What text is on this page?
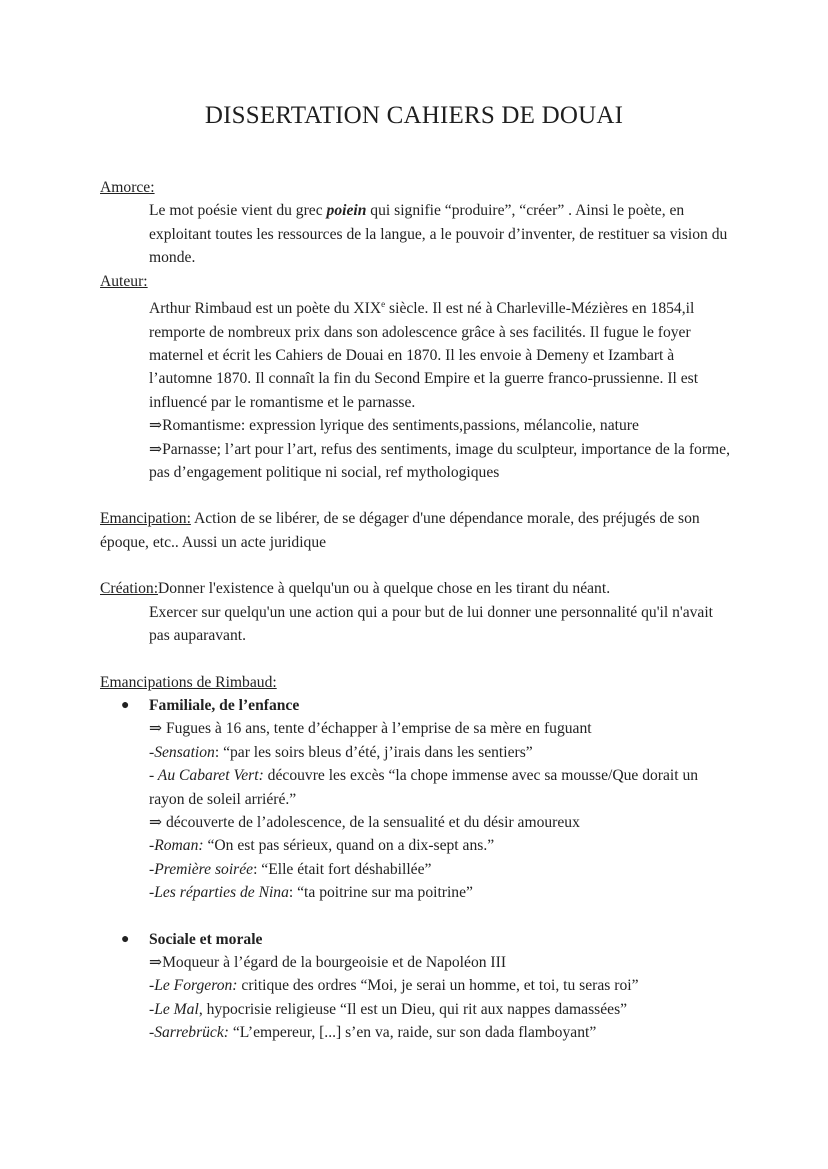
DISSERTATION CAHIERS DE DOUAI
Amorce:
Le mot poésie vient du grec poiein qui signifie “produire”, “créer” . Ainsi le poète, en exploitant toutes les ressources de la langue, a le pouvoir d’inventer, de restituer sa vision du monde.
Auteur:
Arthur Rimbaud est un poète du XIXe siècle. Il est né à Charleville-Mézières en 1854,il remporte de nombreux prix dans son adolescence grâce à ses facilités. Il fugue le foyer maternel et écrit les Cahiers de Douai en 1870. Il les envoie à Demeny et Izambart à l’automne 1870. Il connaît la fin du Second Empire et la guerre franco-prussienne. Il est influencé par le romantisme et le parnasse.
⇒Romantisme: expression lyrique des sentiments,passions, mélancolie, nature
⇒Parnasse; l’art pour l’art, refus des sentiments, image du sculpteur, importance de la forme, pas d’engagement politique ni social, ref mythologiques
Emancipation: Action de se libérer, de se dégager d'une dépendance morale, des préjugés de son époque, etc.. Aussi un acte juridique
Création:Donner l'existence à quelqu'un ou à quelque chose en les tirant du néant.
Exercer sur quelqu'un une action qui a pour but de lui donner une personnalité qu'il n'avait pas auparavant.
Emancipations de Rimbaud:
●	Familiale, de l’enfance
⇒ Fugues à 16 ans, tente d’échapper à l’emprise de sa mère en fuguant
-Sensation: “par les soirs bleus d’été, j’irais dans les sentiers”
- Au Cabaret Vert: découvre les excès “la chope immense avec sa mousse/Que dorait un rayon de soleil arriéré.”
⇒ découverte de l’adolescence, de la sensualité et du désir amoureux
-Roman: “On est pas sérieux, quand on a dix-sept ans.”
-Première soirée: “Elle était fort déshabillée”
-Les réparties de Nina: “ta poitrine sur ma poitrine”
●	Sociale et morale
⇒Moqueur à l’égard de la bourgeoisie et de Napoléon III
-Le Forgeron: critique des ordres “Moi, je serai un homme, et toi, tu seras roi”
-Le Mal, hypocrisie religieuse “Il est un Dieu, qui rit aux nappes damassées”
-Sarrebrück: “L’empereur, [...] s’en va, raide, sur son dada flamboyant”
